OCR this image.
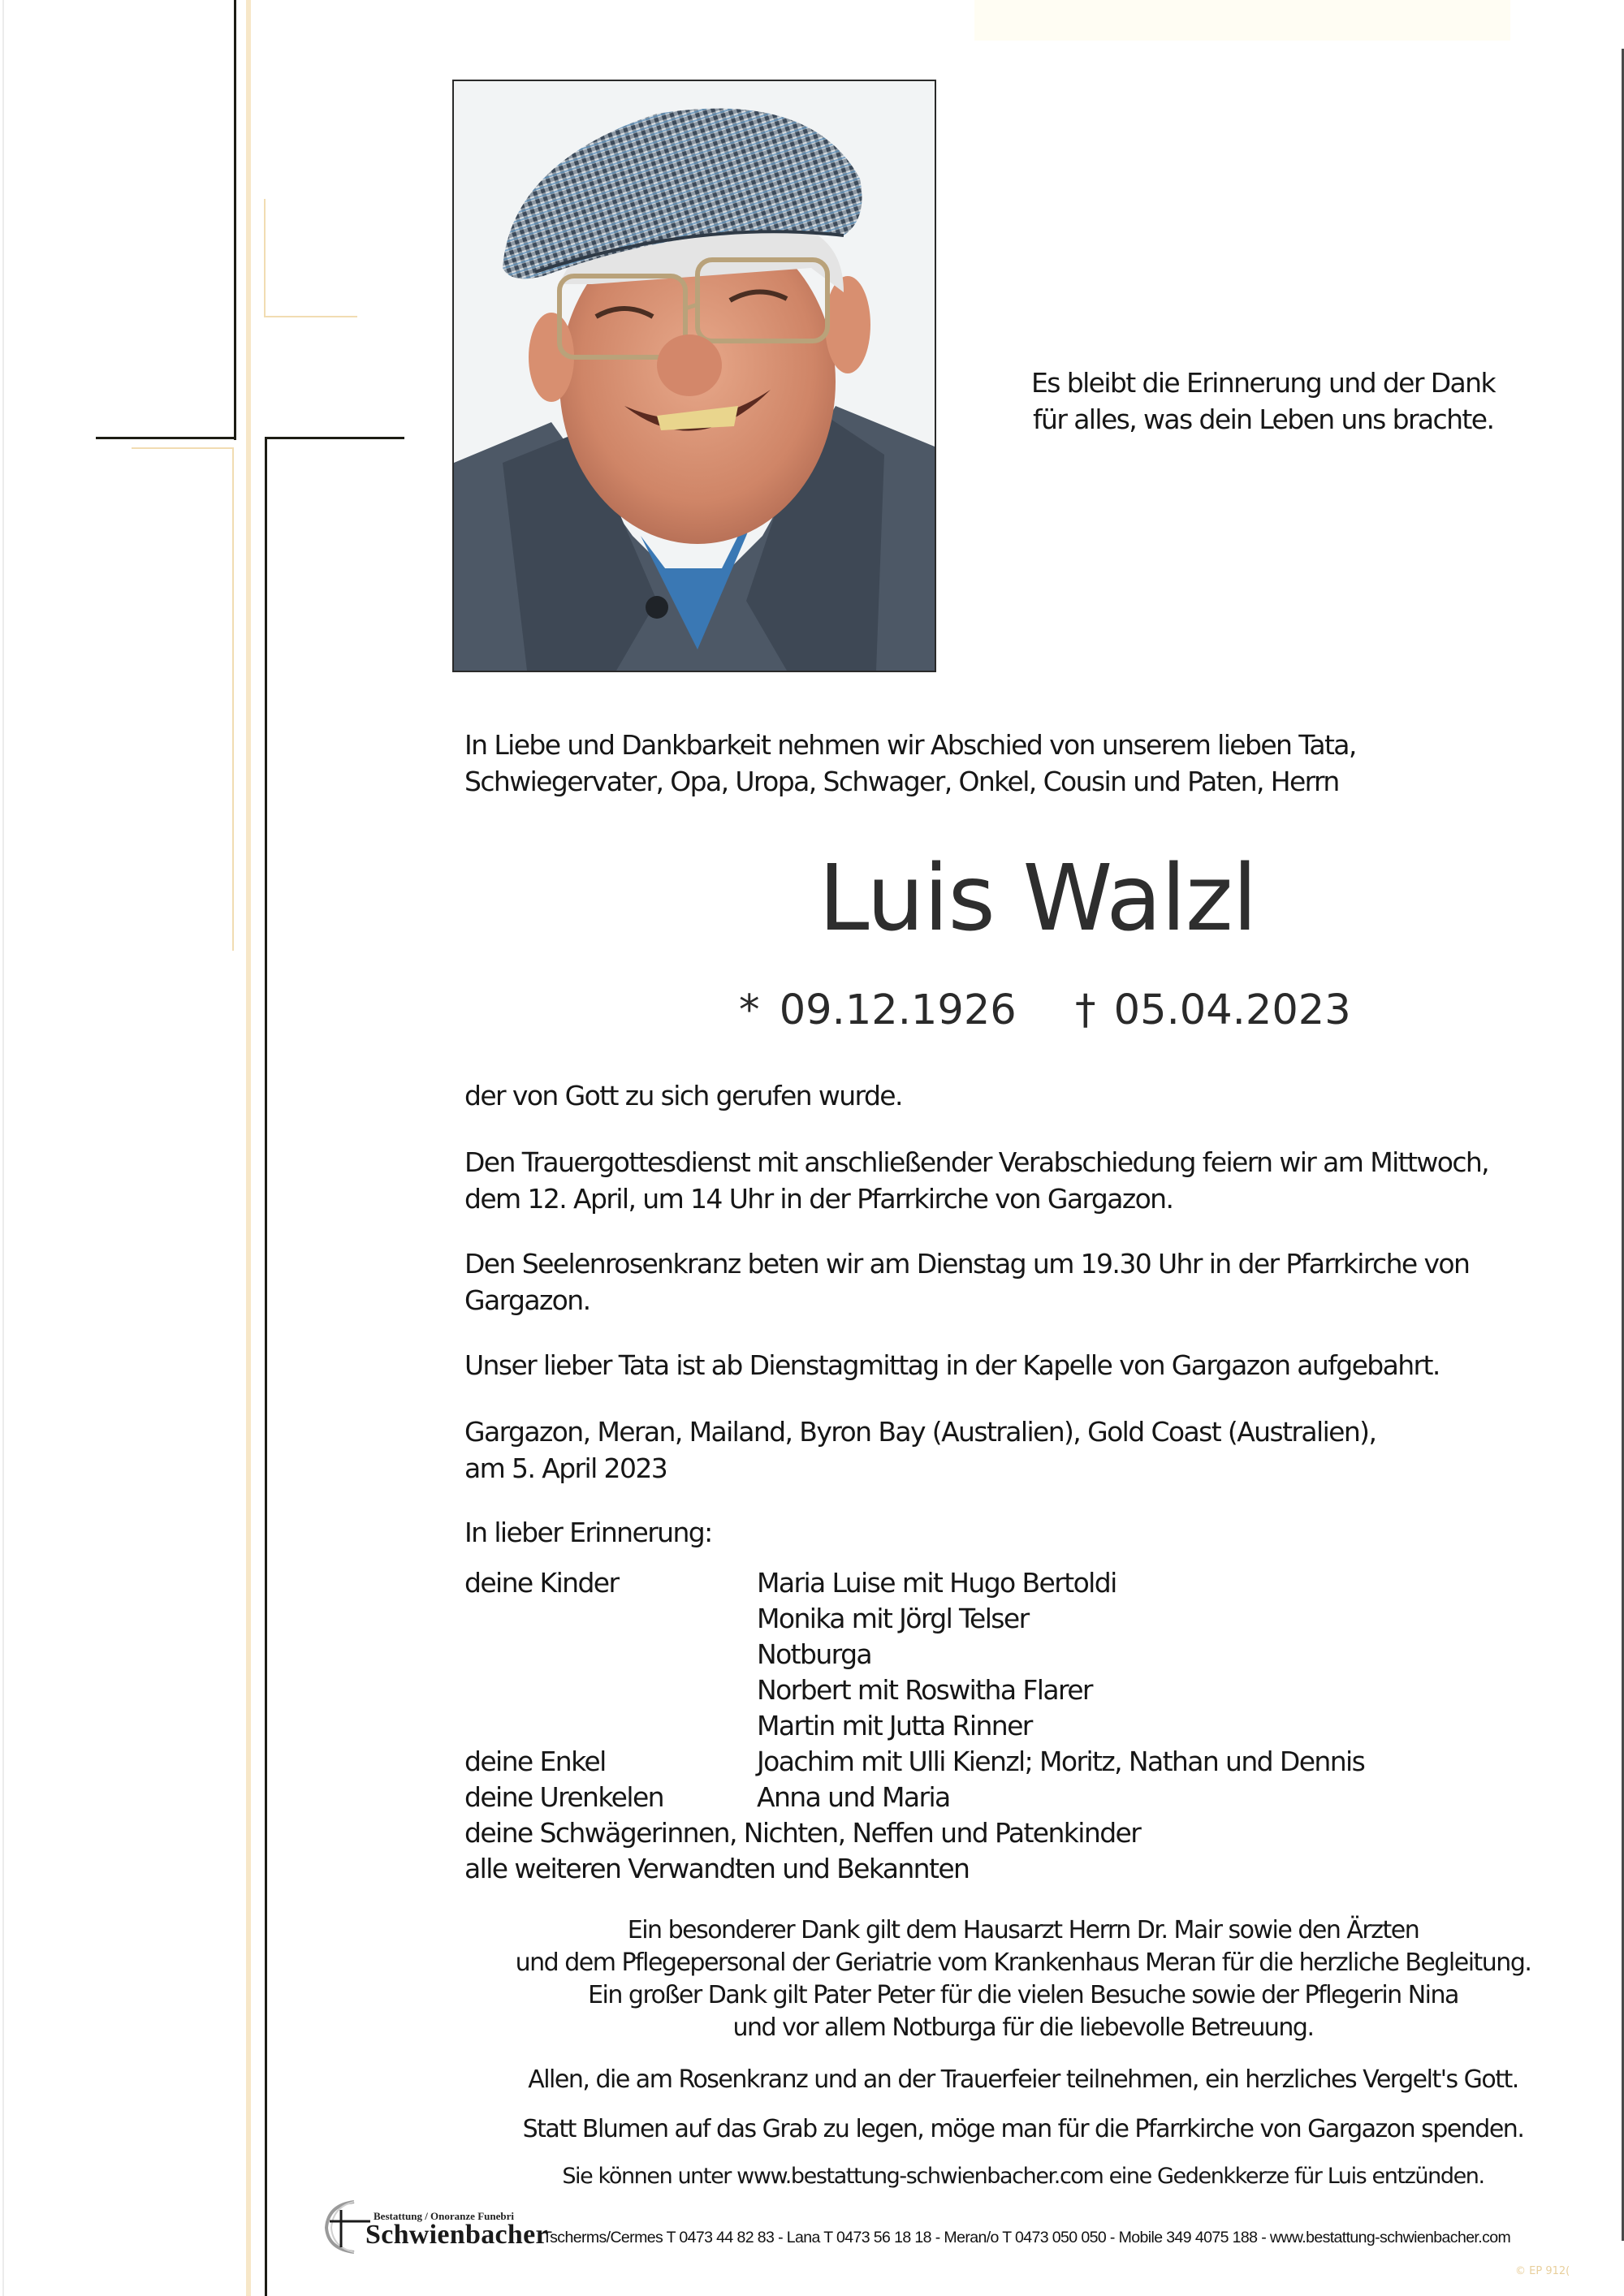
Es bleibt die Erinnerung und der Dank
für alles, was dein Leben uns brachte.
In Liebe und Dankbarkeit nehmen wir Abschied von unserem lieben Tata,
Schwiegervater, Opa, Uropa, Schwager, Onkel, Cousin und Paten, Herrn
Luis Walzl
* 09.12.1926 † 05.04.2023
der von Gott zu sich gerufen wurde.
Den Trauergottesdienst mit anschließender Verabschiedung feiern wir am Mittwoch,
dem 12. April, um 14 Uhr in der Pfarrkirche von Gargazon.
Den Seelenrosenkranz beten wir am Dienstag um 19.30 Uhr in der Pfarrkirche von
Gargazon.
Unser lieber Tata ist ab Dienstagmittag in der Kapelle von Gargazon aufgebahrt.
Gargazon, Meran, Mailand, Byron Bay (Australien), Gold Coast (Australien),
am 5. April 2023
In lieber Erinnerung:
deine Kinder	Maria Luise mit Hugo Bertoldi
Monika mit Jörgl Telser
Notburga
Norbert mit Roswitha Flarer
Martin mit Jutta Rinner
deine Enkel	Joachim mit Ulli Kienzl; Moritz, Nathan und Dennis
deine Urenkelen	Anna und Maria
deine Schwägerinnen, Nichten, Neffen und Patenkinder
alle weiteren Verwandten und Bekannten
Ein besonderer Dank gilt dem Hausarzt Herrn Dr. Mair sowie den Ärzten
und dem Pflegepersonal der Geriatrie vom Krankenhaus Meran für die herzliche Begleitung.
Ein großer Dank gilt Pater Peter für die vielen Besuche sowie der Pflegerin Nina
und vor allem Notburga für die liebevolle Betreuung.
Allen, die am Rosenkranz und an der Trauerfeier teilnehmen, ein herzliches Vergelt's Gott.
Statt Blumen auf das Grab zu legen, möge man für die Pfarrkirche von Gargazon spenden.
Sie können unter www.bestattung-schwienbacher.com eine Gedenkkerze für Luis entzünden.
Bestattung / Onoranze Funebri
Schwienbacher
Tscherms/Cermes T 0473 44 82 83 - Lana T 0473 56 18 18 - Meran/o T 0473 050 050 - Mobile 349 4075 188 - www.bestattung-schwienbacher.com
© EP 912(
